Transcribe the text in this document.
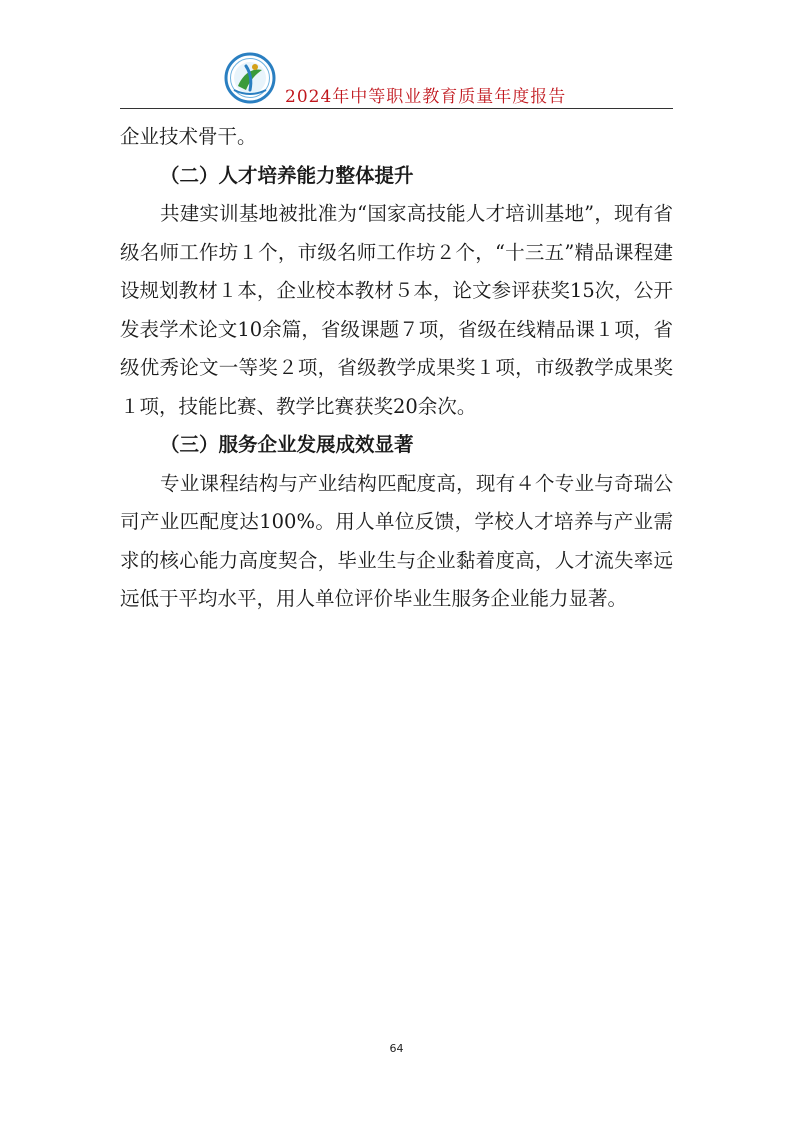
2024年中等职业教育质量年度报告

企业技术骨干。

（二）人才培养能力整体提升

共建实训基地被批准为“国家高技能人才培训基地”，现有省级名师工作坊１个，市级名师工作坊２个，“十三五”精品课程建设规划教材１本，企业校本教材５本，论文参评获奖15次，公开发表学术论文10余篇，省级课题７项，省级在线精品课１项，省级优秀论文一等奖２项，省级教学成果奖１项，市级教学成果奖１项，技能比赛、教学比赛获奖20余次。

（三）服务企业发展成效显著

专业课程结构与产业结构匹配度高，现有４个专业与奇瑞公司产业匹配度达100%。用人单位反馈，学校人才培养与产业需求的核心能力高度契合，毕业生与企业黏着度高，人才流失率远远低于平均水平，用人单位评价毕业生服务企业能力显著。

64
